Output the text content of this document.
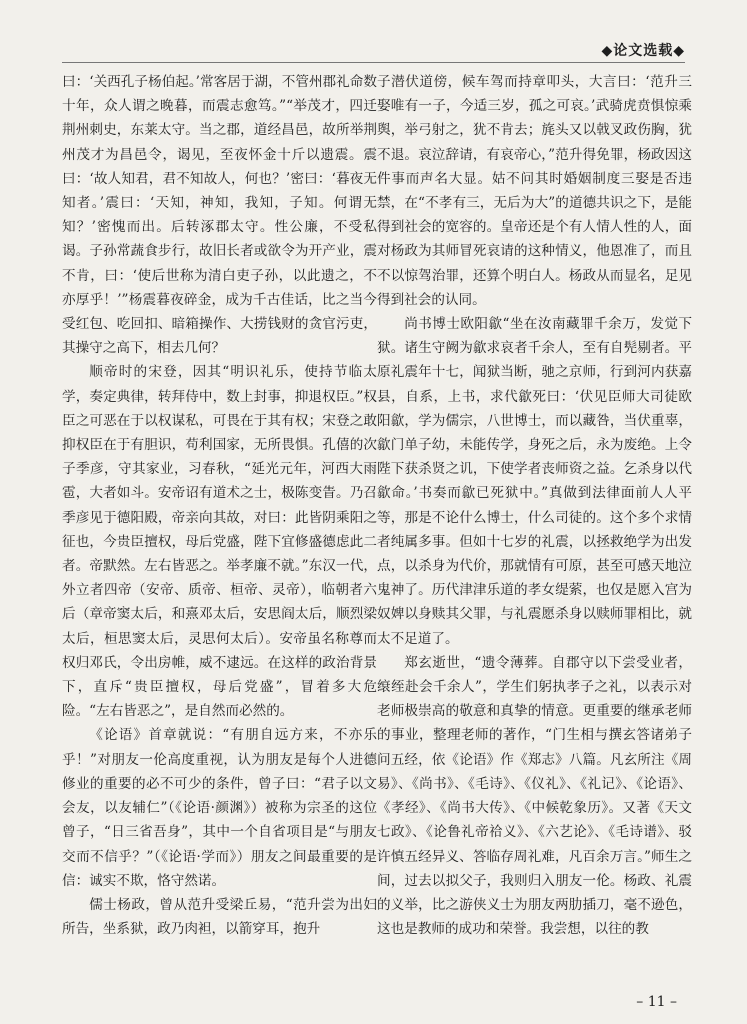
◆论文选载◆

曰：‘关西孔子杨伯起。’常客居于湖，不管州郡礼命数十年，众人谓之晚暮，而震志愈笃。”“举茂才，四迁荆州刺史，东莱太守。当之郡，道经昌邑，故所举荆州茂才为昌邑令，谒见，至夜怀金十斤以遗震。震曰：‘故人知君，君不知故人，何也？’密曰：‘暮夜无知者。’震曰：‘天知，神知，我知，子知。何谓无知？’密愧而出。后转涿郡太守。性公廉，不受私谒。子孙常蔬食步行，故旧长者或欲令为开产业，震不肯，曰：‘使后世称为清白吏子孙，以此遗之，不亦厚乎！’”杨震暮夜碎金，成为千古佳话，比之当今受红包、吃回扣、暗箱操作、大捞钱财的贪官污吏，其操守之高下，相去几何？

顺帝时的宋登，因其“明识礼乐，使持节临太学，奏定典律，转拜侍中，数上封事，抑退权臣。”权臣之可恶在于以权谋私，可畏在于其有权；宋登之敢抑权臣在于有胆识，苟利国家，无所畏惧。孔僖的次子季彦，守其家业，习春秋，“延光元年，河西大雨雹，大者如斗。安帝诏有道术之士，极陈变眚。乃召季彦见于德阳殿，帝亲向其故，对曰：此皆阴乘阳之征也，今贵臣擅权，母后党盛，陛下宜修盛德虑此二者。帝默然。左右皆恶之。举孝廉不就。”东汉一代，外立者四帝（安帝、质帝、桓帝、灵帝），临朝者六后（章帝窦太后，和熹邓太后，安思阎太后，顺烈梁太后，桓思窦太后，灵思何太后）。安帝虽名称尊而权归邓氏，令出房帷，威不逮远。在这样的政治背景下，直斥“贵臣擅权，母后党盛”，冒着多大危险。“左右皆恶之”，是自然而必然的。

《论语》首章就说：“有朋自远方来，不亦乐乎！”对朋友一伦高度重视，认为朋友是每个人进德修业的重要的必不可少的条件，曾子曰：“君子以文会友，以友辅仁”（《论语·颜渊》）被称为宗圣的这位曾子，“日三省吾身”，其中一个自省项目是“与朋友交而不信乎？”（《论语·学而》）朋友之间最重要的是信：诚实不欺，恪守然诺。

儒士杨政，曾从范升受梁丘易，“范升尝为出妇所告，坐系狱，政乃肉袒，以箭穿耳，抱升

子潜伏道傍，候车驾而持章叩头，大言曰：‘范升三娶唯有一子，今适三岁，孤之可哀。’武骑虎贲惧惊乘舆，举弓射之，犹不肯去；旄头又以戟叉政伤胸，犹不退。哀泣辞请，有哀帝心，”范升得免罪，杨政因这件事而声名大显。姑不问其时婚姻制度三娶是否违禁，在“不孝有三，无后为大”的道德共识之下，是能得到社会的宽容的。皇帝还是个有人情人性的人，面对杨政为其师冒死哀请的这种情义，他恩准了，而且不以惊驾治罪，还算个明白人。杨政从而显名，足见得到社会的认同。

尚书博士欧阳歙“坐在汝南藏罪千余万，发觉下狱。诸生守阙为歙求哀者千余人，至有自髡剔者。平原礼震年十七，闻狱当断，驰之京师，行到河内获嘉县，自系，上书，求代歙死曰：‘伏见臣师大司徒欧阳歙，学为儒宗，八世博士，而以藏咎，当伏重辜，歙门单子幼，未能传学，身死之后，永为废绝。上令陛下获杀贤之讥，下使学者丧师资之益。乞杀身以代歙命。’书奏而歙已死狱中。”真做到法律面前人人平等，那是不论什么博士，什么司徒的。这个多个求情者纯属多事。但如十七岁的礼震，以拯救绝学为出发点，以杀身为代价，那就情有可原，甚至可感天地泣鬼神了。历代津津乐道的孝女缇萦，也仅是愿入宫为奴婢以身赎其父罪，与礼震愿杀身以赎师罪相比，就太不足道了。

郑玄逝世，“遗令薄葬。自郡守以下尝受业者，缞绖赴会千余人”，学生们躬执孝子之礼，以表示对老师极崇高的敬意和真挚的情意。更重要的继承老师的事业，整理老师的著作，“门生相与撰玄答诸弟子问五经，依《论语》作《郑志》八篇。凡玄所注《周易》、《尚书》、《毛诗》、《仪礼》、《礼记》、《论语》、《孝经》、《尚书大传》、《中候乾象历》。又著《天文七政》、《论鲁礼帝祫义》、《六艺论》、《毛诗谱》、驳许慎五经异义、答临存周礼难，凡百余万言。”师生之间，过去以拟父子，我则归入朋友一伦。杨政、礼震的义举，比之游侠义士为朋友两肋插刀，毫不逊色，这也是教师的成功和荣誉。我尝想，以往的教

– 11 –
